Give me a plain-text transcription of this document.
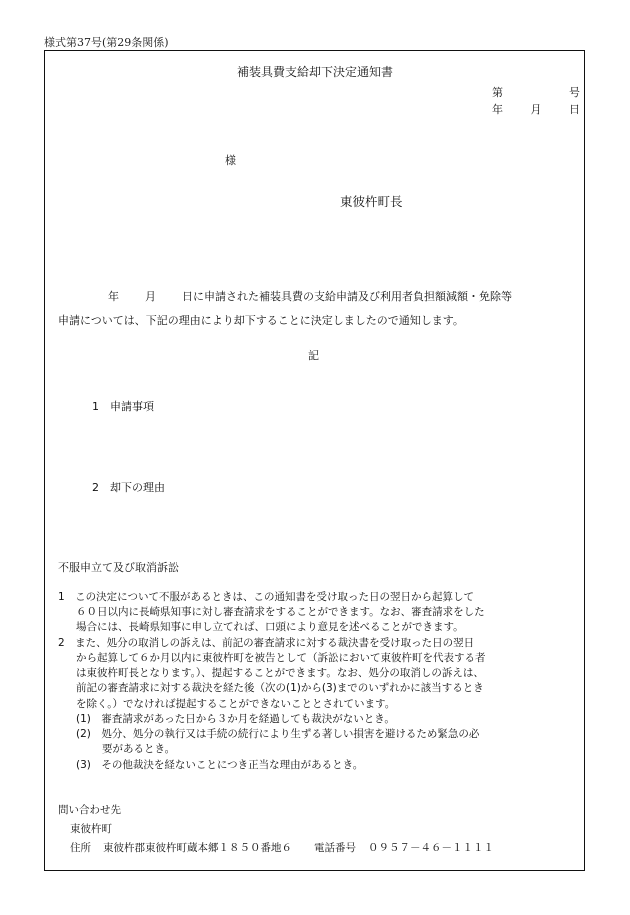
様式第37号(第29条関係)
補装具費支給却下決定通知書
第	号
年	月	日
様
東彼杵町長
年 月 日に申請された補装具費の支給申請及び利用者負担額減額・免除等
申請については、下記の理由により却下することに決定しましたので通知します。
記
1　申請事項
2　却下の理由
不服申立て及び取消訴訟
1　この決定について不服があるときは、この通知書を受け取った日の翌日から起算して
６０日以内に長崎県知事に対し審査請求をすることができます。なお、審査請求をした
場合には、長崎県知事に申し立てれば、口頭により意見を述べることができます。
2　また、処分の取消しの訴えは、前記の審査請求に対する裁決書を受け取った日の翌日
から起算して６か月以内に東彼杵町を被告として（訴訟において東彼杵町を代表する者
は東彼杵町長となります。）、提起することができます。なお、処分の取消しの訴えは、
前記の審査請求に対する裁決を経た後（次の(1)から(3)までのいずれかに該当するとき
を除く。）でなければ提起することができないこととされています。
(1)　審査請求があった日から３か月を経過しても裁決がないとき。
(2)　処分、処分の執行又は手続の続行により生ずる著しい損害を避けるため緊急の必
要があるとき。
(3)　その他裁決を経ないことにつき正当な理由があるとき。
問い合わせ先
東彼杵町
住所 東彼杵郡東彼杵町蔵本郷１８５０番地６ 電話番号 ０９５７－４６－１１１１
